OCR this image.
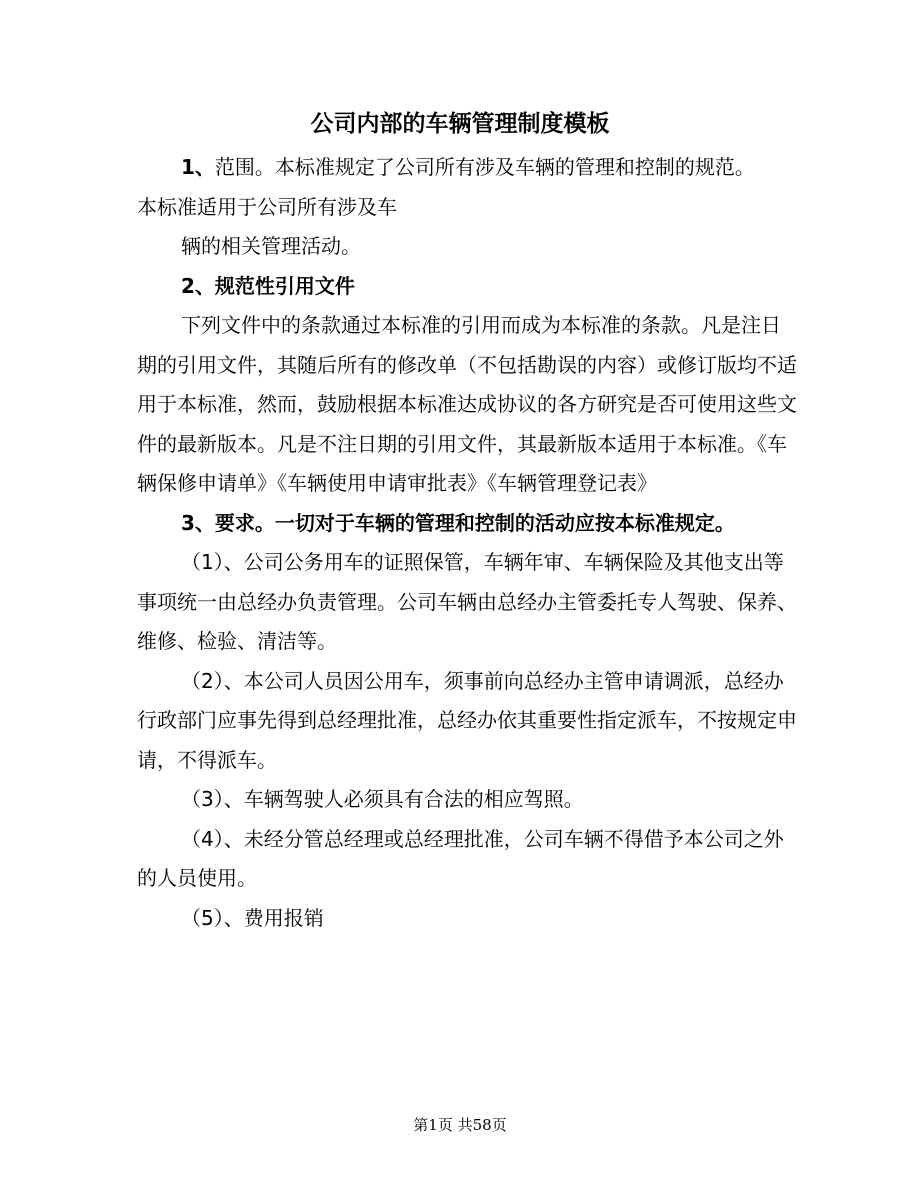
公司内部的车辆管理制度模板

1、范围。本标准规定了公司所有涉及车辆的管理和控制的规范。

本标准适用于公司所有涉及车

辆的相关管理活动。

2、规范性引用文件

下列文件中的条款通过本标准的引用而成为本标准的条款。凡是注日期的引用文件，其随后所有的修改单（不包括勘误的内容）或修订版均不适用于本标准，然而，鼓励根据本标准达成协议的各方研究是否可使用这些文件的最新版本。凡是不注日期的引用文件，其最新版本适用于本标准。《车辆保修申请单》《车辆使用申请审批表》《车辆管理登记表》

3、要求。一切对于车辆的管理和控制的活动应按本标准规定。

（1）、公司公务用车的证照保管，车辆年审、车辆保险及其他支出等事项统一由总经办负责管理。公司车辆由总经办主管委托专人驾驶、保养、维修、检验、清洁等。

（2）、本公司人员因公用车，须事前向总经办主管申请调派，总经办行政部门应事先得到总经理批准，总经办依其重要性指定派车，不按规定申请，不得派车。

（3）、车辆驾驶人必须具有合法的相应驾照。

（4）、未经分管总经理或总经理批准，公司车辆不得借予本公司之外的人员使用。

（5）、费用报销

第1页 共58页
